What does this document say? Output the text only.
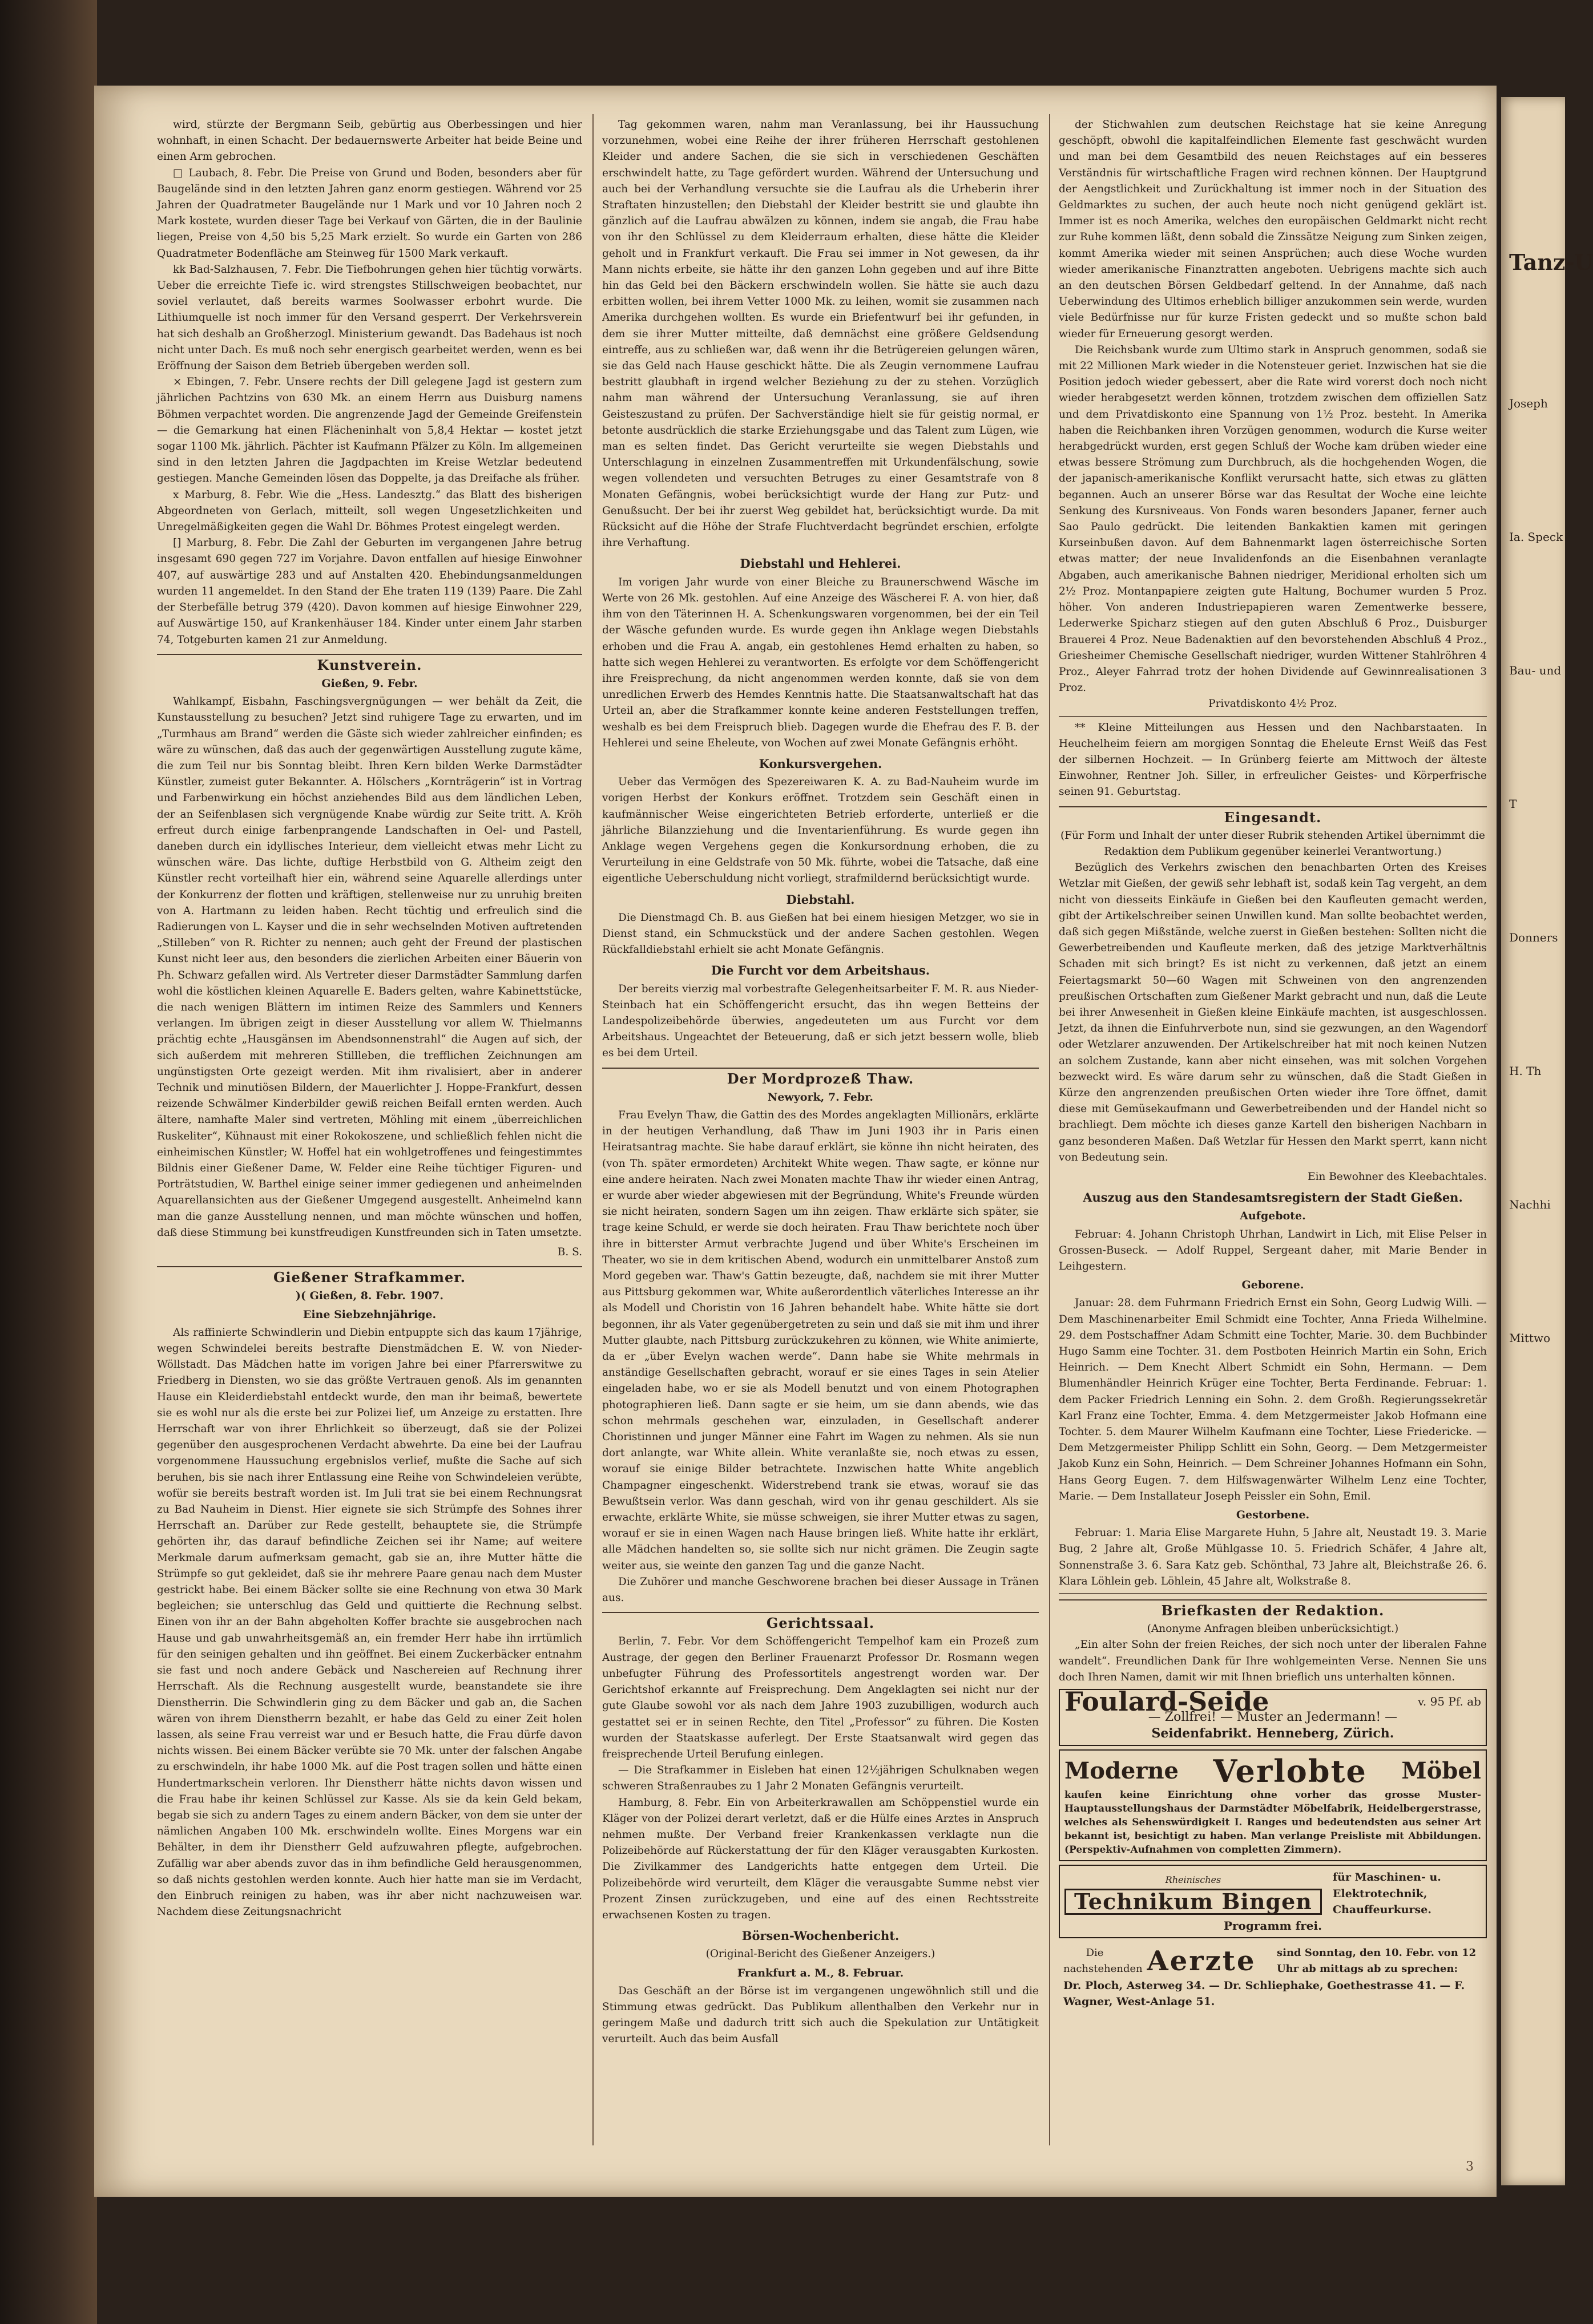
wird, stürzte der Bergmann Seib, gebürtig aus Oberbessingen und hier wohnhaft, in einen Schacht. Der bedauernswerte Arbeiter hat beide Beine und einen Arm gebrochen.

□ Laubach, 8. Febr. Die Preise von Grund und Boden, besonders aber für Baugelände sind in den letzten Jahren ganz enorm gestiegen. Während vor 25 Jahren der Quadratmeter Baugelände nur 1 Mark und vor 10 Jahren noch 2 Mark kostete, wurden dieser Tage bei Verkauf von Gärten, die in der Baulinie liegen, Preise von 4,50 bis 5,25 Mark erzielt. So wurde ein Garten von 286 Quadratmeter Bodenfläche am Steinweg für 1500 Mark verkauft.

kk Bad-Salzhausen, 7. Febr. Die Tiefbohrungen gehen hier tüchtig vorwärts. Ueber die erreichte Tiefe ic. wird strengstes Stillschweigen beobachtet, nur soviel verlautet, daß bereits warmes Soolwasser erbohrt wurde. Die Lithiumquelle ist noch immer für den Versand gesperrt. Der Verkehrsverein hat sich deshalb an Großherzogl. Ministerium gewandt. Das Badehaus ist noch nicht unter Dach. Es muß noch sehr energisch gearbeitet werden, wenn es bei Eröffnung der Saison dem Betrieb übergeben werden soll.

× Ebingen, 7. Febr. Unsere rechts der Dill gelegene Jagd ist gestern zum jährlichen Pachtzins von 630 Mk. an einem Herrn aus Duisburg namens Böhmen verpachtet worden. Die angrenzende Jagd der Gemeinde Greifenstein — die Gemarkung hat einen Flächeninhalt von 5,8,4 Hektar — kostet jetzt sogar 1100 Mk. jährlich. Pächter ist Kaufmann Pfälzer zu Köln. Im allgemeinen sind in den letzten Jahren die Jagdpachten im Kreise Wetzlar bedeutend gestiegen. Manche Gemeinden lösen das Doppelte, ja das Dreifache als früher.

x Marburg, 8. Febr. Wie die „Hess. Landesztg.“ das Blatt des bisherigen Abgeordneten von Gerlach, mitteilt, soll wegen Ungesetzlichkeiten und Unregelmäßigkeiten gegen die Wahl Dr. Böhmes Protest eingelegt werden.

[] Marburg, 8. Febr. Die Zahl der Geburten im vergangenen Jahre betrug insgesamt 690 gegen 727 im Vorjahre. Davon entfallen auf hiesige Einwohner 407, auf auswärtige 283 und auf Anstalten 420. Ehebindungsanmeldungen wurden 11 angemeldet. In den Stand der Ehe traten 119 (139) Paare. Die Zahl der Sterbefälle betrug 379 (420). Davon kommen auf hiesige Einwohner 229, auf Auswärtige 150, auf Krankenhäuser 184. Kinder unter einem Jahr starben 74, Totgeburten kamen 21 zur Anmeldung.

Kunstverein.
Gießen, 9. Febr.

Wahlkampf, Eisbahn, Faschingsvergnügungen — wer behält da Zeit, die Kunstausstellung zu besuchen? Jetzt sind ruhigere Tage zu erwarten, und im „Turmhaus am Brand“ werden die Gäste sich wieder zahlreicher einfinden; es wäre zu wünschen, daß das auch der gegenwärtigen Ausstellung zugute käme, die zum Teil nur bis Sonntag bleibt. Ihren Kern bilden Werke Darmstädter Künstler, zumeist guter Bekannter. A. Hölschers „Kornträgerin“ ist in Vortrag und Farbenwirkung ein höchst anziehendes Bild aus dem ländlichen Leben, der an Seifenblasen sich vergnügende Knabe würdig zur Seite tritt. A. Kröh erfreut durch einige farbenprangende Landschaften in Oel- und Pastell, daneben durch ein idyllisches Interieur, dem vielleicht etwas mehr Licht zu wünschen wäre. Das lichte, duftige Herbstbild von G. Altheim zeigt den Künstler recht vorteilhaft hier ein, während seine Aquarelle allerdings unter der Konkurrenz der flotten und kräftigen, stellenweise nur zu unruhig breiten von A. Hartmann zu leiden haben. Recht tüchtig und erfreulich sind die Radierungen von L. Kayser und die in sehr wechselnden Motiven auftretenden „Stilleben“ von R. Richter zu nennen; auch geht der Freund der plastischen Kunst nicht leer aus, den besonders die zierlichen Arbeiten einer Bäuerin von Ph. Schwarz gefallen wird. Als Vertreter dieser Darmstädter Sammlung darfen wohl die köstlichen kleinen Aquarelle E. Baders gelten, wahre Kabinettstücke, die nach wenigen Blättern im intimen Reize des Sammlers und Kenners verlangen. Im übrigen zeigt in dieser Ausstellung vor allem W. Thielmanns prächtig echte „Hausgänsen im Abendsonnenstrahl“ die Augen auf sich, der sich außerdem mit mehreren Stillleben, die trefflichen Zeichnungen am ungünstigsten Orte gezeigt werden. Mit ihm rivalisiert, aber in anderer Technik und minutiösen Bildern, der Mauerlichter J. Hoppe-Frankfurt, dessen reizende Schwälmer Kinderbilder gewiß reichen Beifall ernten werden. Auch ältere, namhafte Maler sind vertreten, Möhling mit einem „überreichlichen Ruskeliter“, Kühnaust mit einer Rokokoszene, und schließlich fehlen nicht die einheimischen Künstler; W. Hoffel hat ein wohlgetroffenes und feingestimmtes Bildnis einer Gießener Dame, W. Felder eine Reihe tüchtiger Figuren- und Porträtstudien, W. Barthel einige seiner immer gediegenen und anheimelnden Aquarellansichten aus der Gießener Umgegend ausgestellt. Anheimelnd kann man die ganze Ausstellung nennen, und man möchte wünschen und hoffen, daß diese Stimmung bei kunstfreudigen Kunstfreunden sich in Taten umsetzte.

B. S.
Gießener Strafkammer.
)( Gießen, 8. Febr. 1907.
Eine Siebzehnjährige.

Als raffinierte Schwindlerin und Diebin entpuppte sich das kaum 17jährige, wegen Schwindelei bereits bestrafte Dienstmädchen E. W. von Nieder-Wöllstadt. Das Mädchen hatte im vorigen Jahre bei einer Pfarrerswitwe zu Friedberg in Diensten, wo sie das größte Vertrauen genoß. Als im genannten Hause ein Kleiderdiebstahl entdeckt wurde, den man ihr beimaß, bewertete sie es wohl nur als die erste bei zur Polizei lief, um Anzeige zu erstatten. Ihre Herrschaft war von ihrer Ehrlichkeit so überzeugt, daß sie der Polizei gegenüber den ausgesprochenen Verdacht abwehrte. Da eine bei der Laufrau vorgenommene Haussuchung ergebnislos verlief, mußte die Sache auf sich beruhen, bis sie nach ihrer Entlassung eine Reihe von Schwindeleien verübte, wofür sie bereits bestraft worden ist. Im Juli trat sie bei einem Rechnungsrat zu Bad Nauheim in Dienst. Hier eignete sie sich Strümpfe des Sohnes ihrer Herrschaft an. Darüber zur Rede gestellt, behauptete sie, die Strümpfe gehörten ihr, das darauf befindliche Zeichen sei ihr Name; auf weitere Merkmale darum aufmerksam gemacht, gab sie an, ihre Mutter hätte die Strümpfe so gut gekleidet, daß sie ihr mehrere Paare genau nach dem Muster gestrickt habe. Bei einem Bäcker sollte sie eine Rechnung von etwa 30 Mark begleichen; sie unterschlug das Geld und quittierte die Rechnung selbst. Einen von ihr an der Bahn abgeholten Koffer brachte sie ausgebrochen nach Hause und gab unwahrheitsgemäß an, ein fremder Herr habe ihn irrtümlich für den seinigen gehalten und ihn geöffnet. Bei einem Zuckerbäcker entnahm sie fast und noch andere Gebäck und Naschereien auf Rechnung ihrer Herrschaft. Als die Rechnung ausgestellt wurde, beanstandete sie ihre Dienstherrin. Die Schwindlerin ging zu dem Bäcker und gab an, die Sachen wären von ihrem Dienstherrn bezahlt, er habe das Geld zu einer Zeit holen lassen, als seine Frau verreist war und er Besuch hatte, die Frau dürfe davon nichts wissen. Bei einem Bäcker verübte sie 70 Mk. unter der falschen Angabe zu erschwindeln, ihr habe 1000 Mk. auf die Post tragen sollen und hätte einen Hundertmarkschein verloren. Ihr Dienstherr hätte nichts davon wissen und die Frau habe ihr keinen Schlüssel zur Kasse. Als sie da kein Geld bekam, begab sie sich zu andern Tages zu einem andern Bäcker, von dem sie unter der nämlichen Angaben 100 Mk. erschwindeln wollte. Eines Morgens war ein Behälter, in dem ihr Dienstherr Geld aufzuwahren pflegte, aufgebrochen. Zufällig war aber abends zuvor das in ihm befindliche Geld herausgenommen, so daß nichts gestohlen werden konnte. Auch hier hatte man sie im Verdacht, den Einbruch reinigen zu haben, was ihr aber nicht nachzuweisen war. Nachdem diese Zeitungsnachricht

Tag gekommen waren, nahm man Veranlassung, bei ihr Haussuchung vorzunehmen, wobei eine Reihe der ihrer früheren Herrschaft gestohlenen Kleider und andere Sachen, die sie sich in verschiedenen Geschäften erschwindelt hatte, zu Tage gefördert wurden. Während der Untersuchung und auch bei der Verhandlung versuchte sie die Laufrau als die Urheberin ihrer Straftaten hinzustellen; den Diebstahl der Kleider bestritt sie und glaubte ihn gänzlich auf die Laufrau abwälzen zu können, indem sie angab, die Frau habe von ihr den Schlüssel zu dem Kleiderraum erhalten, diese hätte die Kleider geholt und in Frankfurt verkauft. Die Frau sei immer in Not gewesen, da ihr Mann nichts erbeite, sie hätte ihr den ganzen Lohn gegeben und auf ihre Bitte hin das Geld bei den Bäckern erschwindeln wollen. Sie hätte sie auch dazu erbitten wollen, bei ihrem Vetter 1000 Mk. zu leihen, womit sie zusammen nach Amerika durchgehen wollten. Es wurde ein Briefentwurf bei ihr gefunden, in dem sie ihrer Mutter mitteilte, daß demnächst eine größere Geldsendung eintreffe, aus zu schließen war, daß wenn ihr die Betrügereien gelungen wären, sie das Geld nach Hause geschickt hätte. Die als Zeugin vernommene Laufrau bestritt glaubhaft in irgend welcher Beziehung zu der zu stehen. Vorzüglich nahm man während der Untersuchung Veranlassung, sie auf ihren Geisteszustand zu prüfen. Der Sachverständige hielt sie für geistig normal, er betonte ausdrücklich die starke Erziehungsgabe und das Talent zum Lügen, wie man es selten findet. Das Gericht verurteilte sie wegen Diebstahls und Unterschlagung in einzelnen Zusammentreffen mit Urkundenfälschung, sowie wegen vollendeten und versuchten Betruges zu einer Gesamtstrafe von 8 Monaten Gefängnis, wobei berücksichtigt wurde der Hang zur Putz- und Genußsucht. Der bei ihr zuerst Weg gebildet hat, berücksichtigt wurde. Da mit Rücksicht auf die Höhe der Strafe Fluchtverdacht begründet erschien, erfolgte ihre Verhaftung.

Diebstahl und Hehlerei.

Im vorigen Jahr wurde von einer Bleiche zu Braunerschwend Wäsche im Werte von 26 Mk. gestohlen. Auf eine Anzeige des Wäscherei F. A. von hier, daß ihm von den Täterinnen H. A. Schenkungswaren vorgenommen, bei der ein Teil der Wäsche gefunden wurde. Es wurde gegen ihn Anklage wegen Diebstahls erhoben und die Frau A. angab, ein gestohlenes Hemd erhalten zu haben, so hatte sich wegen Hehlerei zu verantworten. Es erfolgte vor dem Schöffengericht ihre Freisprechung, da nicht angenommen werden konnte, daß sie von dem unredlichen Erwerb des Hemdes Kenntnis hatte. Die Staatsanwaltschaft hat das Urteil an, aber die Strafkammer konnte keine anderen Feststellungen treffen, weshalb es bei dem Freispruch blieb. Dagegen wurde die Ehefrau des F. B. der Hehlerei und seine Eheleute, von Wochen auf zwei Monate Gefängnis erhöht.

Konkursvergehen.

Ueber das Vermögen des Spezereiwaren K. A. zu Bad-Nauheim wurde im vorigen Herbst der Konkurs eröffnet. Trotzdem sein Geschäft einen in kaufmännischer Weise eingerichteten Betrieb erforderte, unterließ er die jährliche Bilanzziehung und die Inventarienführung. Es wurde gegen ihn Anklage wegen Vergehens gegen die Konkursordnung erhoben, die zu Verurteilung in eine Geldstrafe von 50 Mk. führte, wobei die Tatsache, daß eine eigentliche Ueberschuldung nicht vorliegt, strafmildernd berücksichtigt wurde.

Diebstahl.

Die Dienstmagd Ch. B. aus Gießen hat bei einem hiesigen Metzger, wo sie in Dienst stand, ein Schmuckstück und der andere Sachen gestohlen. Wegen Rückfalldiebstahl erhielt sie acht Monate Gefängnis.

Die Furcht vor dem Arbeitshaus.

Der bereits vierzig mal vorbestrafte Gelegenheitsarbeiter F. M. R. aus Nieder-Steinbach hat ein Schöffengericht ersucht, das ihn wegen Betteins der Landespolizeibehörde überwies, angedeuteten um aus Furcht vor dem Arbeitshaus. Ungeachtet der Beteuerung, daß er sich jetzt bessern wolle, blieb es bei dem Urteil.

Der Mordprozeß Thaw.
Newyork, 7. Febr.

Frau Evelyn Thaw, die Gattin des des Mordes angeklagten Millionärs, erklärte in der heutigen Verhandlung, daß Thaw im Juni 1903 ihr in Paris einen Heiratsantrag machte. Sie habe darauf erklärt, sie könne ihn nicht heiraten, des (von Th. später ermordeten) Architekt White wegen. Thaw sagte, er könne nur eine andere heiraten. Nach zwei Monaten machte Thaw ihr wieder einen Antrag, er wurde aber wieder abgewiesen mit der Begründung, White's Freunde würden sie nicht heiraten, sondern Sagen um ihn zeigen. Thaw erklärte sich später, sie trage keine Schuld, er werde sie doch heiraten. Frau Thaw berichtete noch über ihre in bitterster Armut verbrachte Jugend und über White's Erscheinen im Theater, wo sie in dem kritischen Abend, wodurch ein unmittelbarer Anstoß zum Mord gegeben war. Thaw's Gattin bezeugte, daß, nachdem sie mit ihrer Mutter aus Pittsburg gekommen war, White außerordentlich väterliches Interesse an ihr als Modell und Choristin von 16 Jahren behandelt habe. White hätte sie dort begonnen, ihr als Vater gegenübergetreten zu sein und daß sie mit ihm und ihrer Mutter glaubte, nach Pittsburg zurückzukehren zu können, wie White animierte, da er „über Evelyn wachen werde“. Dann habe sie White mehrmals in anständige Gesellschaften gebracht, worauf er sie eines Tages in sein Atelier eingeladen habe, wo er sie als Modell benutzt und von einem Photographen photographieren ließ. Dann sagte er sie heim, um sie dann abends, wie das schon mehrmals geschehen war, einzuladen, in Gesellschaft anderer Choristinnen und junger Männer eine Fahrt im Wagen zu nehmen. Als sie nun dort anlangte, war White allein. White veranlaßte sie, noch etwas zu essen, worauf sie einige Bilder betrachtete. Inzwischen hatte White angeblich Champagner eingeschenkt. Widerstrebend trank sie etwas, worauf sie das Bewußtsein verlor. Was dann geschah, wird von ihr genau geschildert. Als sie erwachte, erklärte White, sie müsse schweigen, sie ihrer Mutter etwas zu sagen, worauf er sie in einen Wagen nach Hause bringen ließ. White hatte ihr erklärt, alle Mädchen handelten so, sie sollte sich nur nicht grämen. Die Zeugin sagte weiter aus, sie weinte den ganzen Tag und die ganze Nacht.

Die Zuhörer und manche Geschworene brachen bei dieser Aussage in Tränen aus.

Gerichtssaal.

Berlin, 7. Febr. Vor dem Schöffengericht Tempelhof kam ein Prozeß zum Austrage, der gegen den Berliner Frauenarzt Professor Dr. Rosmann wegen unbefugter Führung des Professortitels angestrengt worden war. Der Gerichtshof erkannte auf Freisprechung. Dem Angeklagten sei nicht nur der gute Glaube sowohl vor als nach dem Jahre 1903 zuzubilligen, wodurch auch gestattet sei er in seinen Rechte, den Titel „Professor“ zu führen. Die Kosten wurden der Staatskasse auferlegt. Der Erste Staatsanwalt wird gegen das freisprechende Urteil Berufung einlegen.

— Die Strafkammer in Eisleben hat einen 12½jährigen Schulknaben wegen schweren Straßenraubes zu 1 Jahr 2 Monaten Gefängnis verurteilt.

Hamburg, 8. Febr. Ein von Arbeiterkrawallen am Schöppenstiel wurde ein Kläger von der Polizei derart verletzt, daß er die Hülfe eines Arztes in Anspruch nehmen mußte. Der Verband freier Krankenkassen verklagte nun die Polizeibehörde auf Rückerstattung der für den Kläger verausgabten Kurkosten. Die Zivilkammer des Landgerichts hatte entgegen dem Urteil. Die Polizeibehörde wird verurteilt, dem Kläger die verausgabte Summe nebst vier Prozent Zinsen zurückzugeben, und eine auf des einen Rechtsstreite erwachsenen Kosten zu tragen.

Börsen-Wochenbericht.

(Original-Bericht des Gießener Anzeigers.)

Frankfurt a. M., 8. Februar.

Das Geschäft an der Börse ist im vergangenen ungewöhnlich still und die Stimmung etwas gedrückt. Das Publikum allenthalben den Verkehr nur in geringem Maße und dadurch tritt sich auch die Spekulation zur Untätigkeit verurteilt. Auch das beim Ausfall

der Stichwahlen zum deutschen Reichstage hat sie keine Anregung geschöpft, obwohl die kapitalfeindlichen Elemente fast geschwächt wurden und man bei dem Gesamtbild des neuen Reichstages auf ein besseres Verständnis für wirtschaftliche Fragen wird rechnen können. Der Hauptgrund der Aengstlichkeit und Zurückhaltung ist immer noch in der Situation des Geldmarktes zu suchen, der auch heute noch nicht genügend geklärt ist. Immer ist es noch Amerika, welches den europäischen Geldmarkt nicht recht zur Ruhe kommen läßt, denn sobald die Zinssätze Neigung zum Sinken zeigen, kommt Amerika wieder mit seinen Ansprüchen; auch diese Woche wurden wieder amerikanische Finanztratten angeboten. Uebrigens machte sich auch an den deutschen Börsen Geldbedarf geltend. In der Annahme, daß nach Ueberwindung des Ultimos erheblich billiger anzukommen sein werde, wurden viele Bedürfnisse nur für kurze Fristen gedeckt und so mußte schon bald wieder für Erneuerung gesorgt werden.

Die Reichsbank wurde zum Ultimo stark in Anspruch genommen, sodaß sie mit 22 Millionen Mark wieder in die Notensteuer geriet. Inzwischen hat sie die Position jedoch wieder gebessert, aber die Rate wird vorerst doch noch nicht wieder herabgesetzt werden können, trotzdem zwischen dem offiziellen Satz und dem Privatdiskonto eine Spannung von 1½ Proz. besteht. In Amerika haben die Reichbanken ihren Vorzügen genommen, wodurch die Kurse weiter herabgedrückt wurden, erst gegen Schluß der Woche kam drüben wieder eine etwas bessere Strömung zum Durchbruch, als die hochgehenden Wogen, die der japanisch-amerikanische Konflikt verursacht hatte, sich etwas zu glätten begannen. Auch an unserer Börse war das Resultat der Woche eine leichte Senkung des Kursniveaus. Von Fonds waren besonders Japaner, ferner auch Sao Paulo gedrückt. Die leitenden Bankaktien kamen mit geringen Kurseinbußen davon. Auf dem Bahnenmarkt lagen österreichische Sorten etwas matter; der neue Invalidenfonds an die Eisenbahnen veranlagte Abgaben, auch amerikanische Bahnen niedriger, Meridional erholten sich um 2½ Proz. Montanpapiere zeigten gute Haltung, Bochumer wurden 5 Proz. höher. Von anderen Industriepapieren waren Zementwerke bessere, Lederwerke Spicharz stiegen auf den guten Abschluß 6 Proz., Duisburger Brauerei 4 Proz. Neue Badenaktien auf den bevorstehenden Abschluß 4 Proz., Griesheimer Chemische Gesellschaft niedriger, wurden Wittener Stahlröhren 4 Proz., Aleyer Fahrrad trotz der hohen Dividende auf Gewinnrealisationen 3 Proz.

Privatdiskonto 4½ Proz.

** Kleine Mitteilungen aus Hessen und den Nachbarstaaten. In Heuchelheim feiern am morgigen Sonntag die Eheleute Ernst Weiß das Fest der silbernen Hochzeit. — In Grünberg feierte am Mittwoch der älteste Einwohner, Rentner Joh. Siller, in erfreulicher Geistes- und Körperfrische seinen 91. Geburtstag.

Eingesandt.

(Für Form und Inhalt der unter dieser Rubrik stehenden Artikel übernimmt die Redaktion dem Publikum gegenüber keinerlei Verantwortung.)

Bezüglich des Verkehrs zwischen den benachbarten Orten des Kreises Wetzlar mit Gießen, der gewiß sehr lebhaft ist, sodaß kein Tag vergeht, an dem nicht von diesseits Einkäufe in Gießen bei den Kaufleuten gemacht werden, gibt der Artikelschreiber seinen Unwillen kund. Man sollte beobachtet werden, daß sich gegen Mißstände, welche zuerst in Gießen bestehen: Sollten nicht die Gewerbetreibenden und Kaufleute merken, daß des jetzige Marktverhältnis Schaden mit sich bringt? Es ist nicht zu verkennen, daß jetzt an einem Feiertagsmarkt 50—60 Wagen mit Schweinen von den angrenzenden preußischen Ortschaften zum Gießener Markt gebracht und nun, daß die Leute bei ihrer Anwesenheit in Gießen kleine Einkäufe machten, ist ausgeschlossen. Jetzt, da ihnen die Einfuhrverbote nun, sind sie gezwungen, an den Wagendorf oder Wetzlarer anzuwenden. Der Artikelschreiber hat mit noch keinen Nutzen an solchem Zustande, kann aber nicht einsehen, was mit solchen Vorgehen bezweckt wird. Es wäre darum sehr zu wünschen, daß die Stadt Gießen in Kürze den angrenzenden preußischen Orten wieder ihre Tore öffnet, damit diese mit Gemüsekaufmann und Gewerbetreibenden und der Handel nicht so brachliegt. Dem möchte ich dieses ganze Kartell den bisherigen Nachbarn in ganz besonderen Maßen. Daß Wetzlar für Hessen den Markt sperrt, kann nicht von Bedeutung sein.

Ein Bewohner des Kleebachtales.
Auszug aus den Standesamtsregistern der Stadt Gießen.
Aufgebote.

Februar: 4. Johann Christoph Uhrhan, Landwirt in Lich, mit Elise Pelser in Grossen-Buseck. — Adolf Ruppel, Sergeant daher, mit Marie Bender in Leihgestern.

Geborene.

Januar: 28. dem Fuhrmann Friedrich Ernst ein Sohn, Georg Ludwig Willi. — Dem Maschinenarbeiter Emil Schmidt eine Tochter, Anna Frieda Wilhelmine. 29. dem Postschaffner Adam Schmitt eine Tochter, Marie. 30. dem Buchbinder Hugo Samm eine Tochter. 31. dem Postboten Heinrich Martin ein Sohn, Erich Heinrich. — Dem Knecht Albert Schmidt ein Sohn, Hermann. — Dem Blumenhändler Heinrich Krüger eine Tochter, Berta Ferdinande. Februar: 1. dem Packer Friedrich Lenning ein Sohn. 2. dem Großh. Regierungssekretär Karl Franz eine Tochter, Emma. 4. dem Metzgermeister Jakob Hofmann eine Tochter. 5. dem Maurer Wilhelm Kaufmann eine Tochter, Liese Friedericke. — Dem Metzgermeister Philipp Schlitt ein Sohn, Georg. — Dem Metzgermeister Jakob Kunz ein Sohn, Heinrich. — Dem Schreiner Johannes Hofmann ein Sohn, Hans Georg Eugen. 7. dem Hilfswagenwärter Wilhelm Lenz eine Tochter, Marie. — Dem Installateur Joseph Peissler ein Sohn, Emil.

Gestorbene.

Februar: 1. Maria Elise Margarete Huhn, 5 Jahre alt, Neustadt 19. 3. Marie Bug, 2 Jahre alt, Große Mühlgasse 10. 5. Friedrich Schäfer, 4 Jahre alt, Sonnenstraße 3. 6. Sara Katz geb. Schönthal, 73 Jahre alt, Bleichstraße 26. 6. Klara Löhlein geb. Löhlein, 45 Jahre alt, Wolkstraße 8.

Briefkasten der Redaktion.

(Anonyme Anfragen bleiben unberücksichtigt.)

„Ein alter Sohn der freien Reiches, der sich noch unter der liberalen Fahne wandelt“. Freundlichen Dank für Ihre wohlgemeinten Verse. Nennen Sie uns doch Ihren Namen, damit wir mit Ihnen brieflich uns unterhalten können.

Foulard-Seide	v. 95 Pf. ab
— Zollfrei! — Muster an Jedermann! —
Seidenfabrikt. Henneberg, Zürich.
Moderne Verlobte Möbel
kaufen keine Einrichtung ohne vorher das grosse Muster-Hauptausstellungshaus der Darmstädter Möbelfabrik, Heidelbergerstrasse, welches als Sehenswürdigkeit I. Ranges und bedeutendsten aus seiner Art bekannt ist, besichtigt zu haben. Man verlange Preisliste mit Abbildungen. (Perspektiv-Aufnahmen von completten Zimmern).
Rheinisches
Technikum Bingen
für Maschinen- u. Elektrotechnik, Chauffeurkurse.
Programm frei.
Die nachstehenden Aerzte sind Sonntag, den 10. Febr. von 12 Uhr ab mittags ab zu sprechen:
Dr. Ploch, Asterweg 34. — Dr. Schliephake, Goethestrasse 41. — F. Wagner, West-Anlage 51.
3
Tanz-U
Joseph
Ia. Speck
Bau- und
T
Donners
H. Th
Nachhi
Mittwo
